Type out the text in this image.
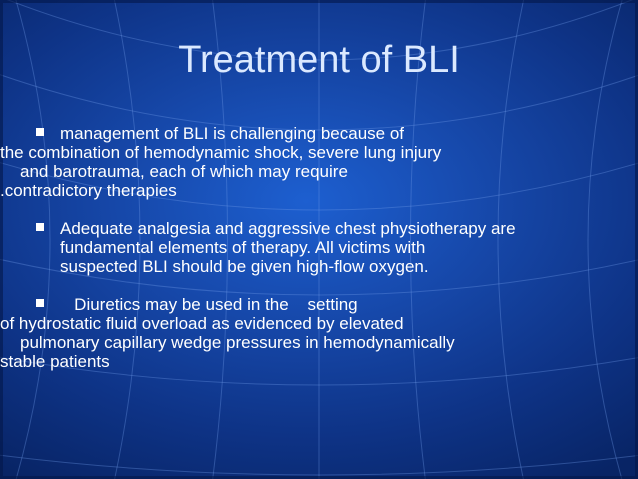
Treatment of BLI

management of BLI is challenging because of

the combination of hemodynamic shock, severe lung injury
and barotrauma, each of which may require
.contradictory therapies

Adequate analgesia and aggressive chest physiotherapy are

fundamental elements of therapy. All victims with
suspected BLI should be given high-flow oxygen.

Diuretics may be used in the    setting

of hydrostatic fluid overload as evidenced by elevated
pulmonary capillary wedge pressures in hemodynamically
stable patients
